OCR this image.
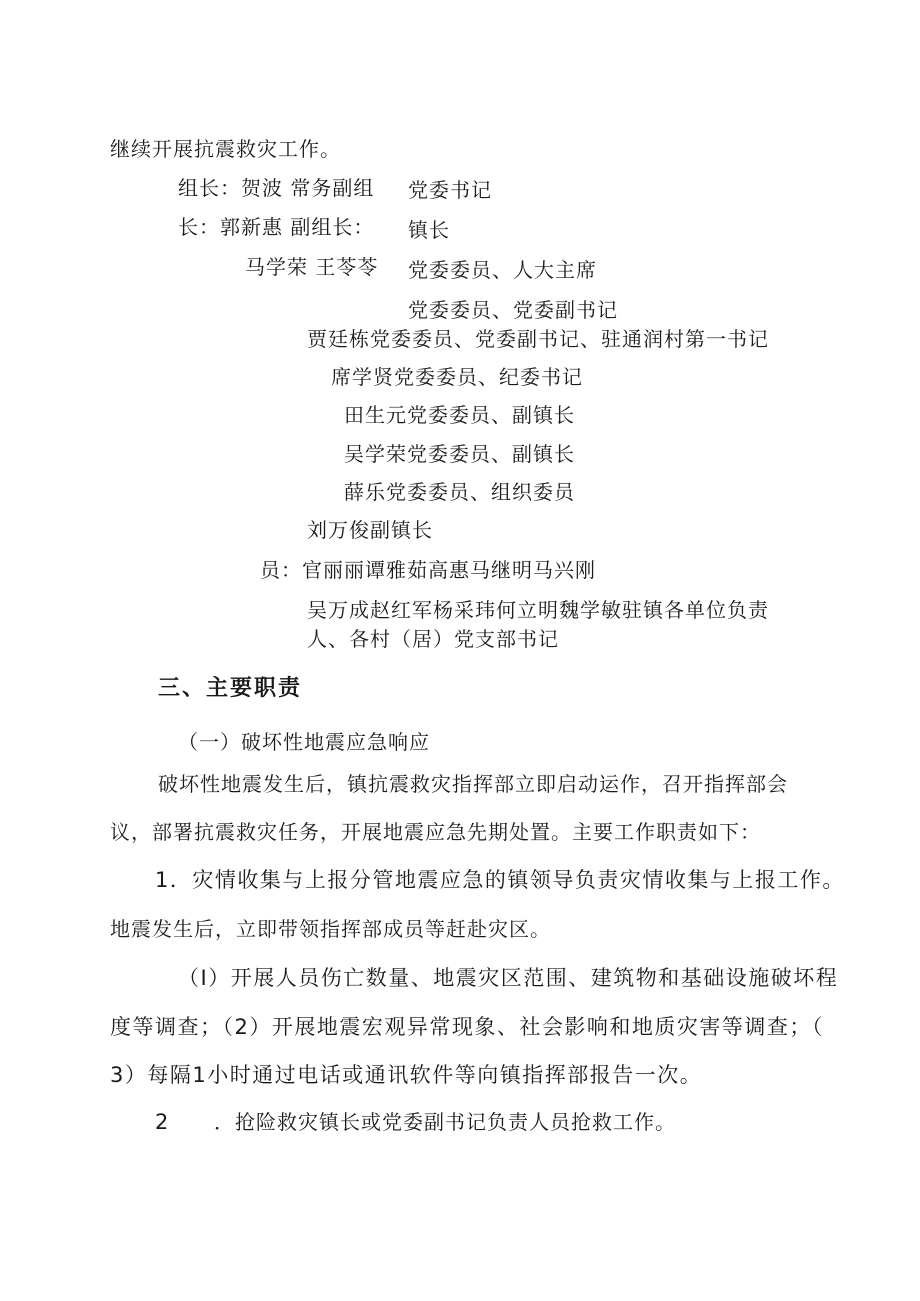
继续开展抗震救灾工作。
组长：贺波 常务副组
长：郭新惠 副组长：
马学荣 王苓苓
党委书记
镇长
党委委员、人大主席
党委委员、党委副书记
贾廷栋党委委员、党委副书记、驻通润村第一书记
席学贤党委委员、纪委书记
田生元党委委员、副镇长
吴学荣党委委员、副镇长
薛乐党委委员、组织委员
刘万俊副镇长
员：官丽丽谭雅茹高惠马继明马兴刚
吴万成赵红军杨采玮何立明魏学敏驻镇各单位负责
人、各村（居）党支部书记
三、主要职责
（一）破坏性地震应急响应
破坏性地震发生后，镇抗震救灾指挥部立即启动运作，召开指挥部会
议，部署抗震救灾任务，开展地震应急先期处置。主要工作职责如下：
1．灾情收集与上报分管地震应急的镇领导负责灾情收集与上报工作。
地震发生后，立即带领指挥部成员等赶赴灾区。
（I）开展人员伤亡数量、地震灾区范围、建筑物和基础设施破坏程
度等调查；（2）开展地震宏观异常现象、社会影响和地质灾害等调查；（
3）每隔1小时通过电话或通讯软件等向镇指挥部报告一次。
2 ．抢险救灾镇长或党委副书记负责人员抢救工作。
